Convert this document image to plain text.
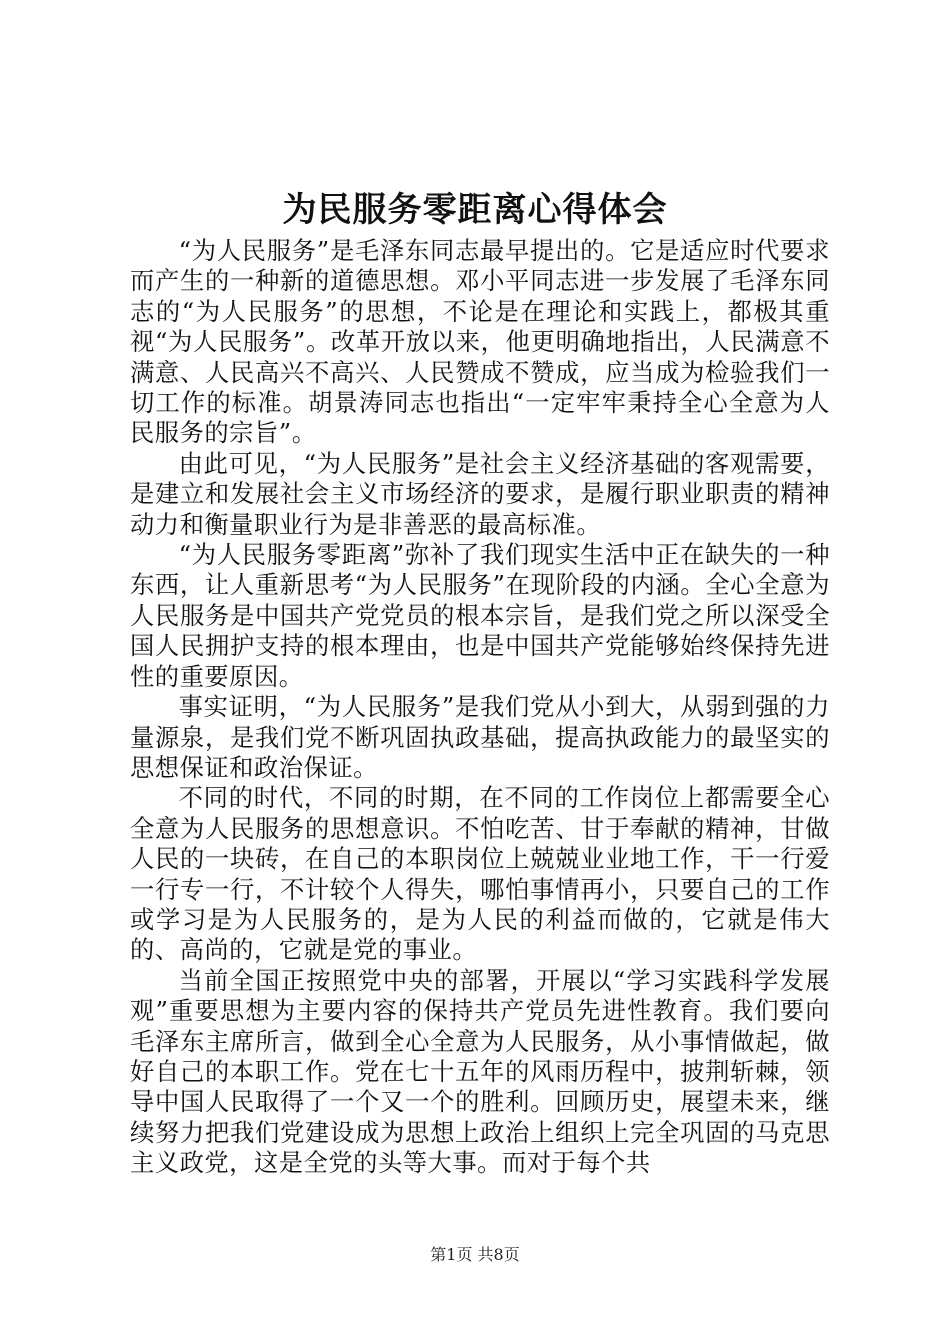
为民服务零距离心得体会

“为人民服务”是毛泽东同志最早提出的。它是适应时代要求而产生的一种新的道德思想。邓小平同志进一步发展了毛泽东同志的“为人民服务”的思想，不论是在理论和实践上，都极其重视“为人民服务”。改革开放以来，他更明确地指出，人民满意不满意、人民高兴不高兴、人民赞成不赞成，应当成为检验我们一切工作的标准。胡景涛同志也指出“一定牢牢秉持全心全意为人民服务的宗旨”。

由此可见，“为人民服务”是社会主义经济基础的客观需要，是建立和发展社会主义市场经济的要求，是履行职业职责的精神动力和衡量职业行为是非善恶的最高标准。

“为人民服务零距离”弥补了我们现实生活中正在缺失的一种东西，让人重新思考“为人民服务”在现阶段的内涵。全心全意为人民服务是中国共产党党员的根本宗旨，是我们党之所以深受全国人民拥护支持的根本理由，也是中国共产党能够始终保持先进性的重要原因。

事实证明，“为人民服务”是我们党从小到大，从弱到强的力量源泉，是我们党不断巩固执政基础，提高执政能力的最坚实的思想保证和政治保证。

不同的时代，不同的时期，在不同的工作岗位上都需要全心全意为人民服务的思想意识。不怕吃苦、甘于奉献的精神，甘做人民的一块砖，在自己的本职岗位上兢兢业业地工作，干一行爱一行专一行，不计较个人得失，哪怕事情再小，只要自己的工作或学习是为人民服务的，是为人民的利益而做的，它就是伟大的、高尚的，它就是党的事业。

当前全国正按照党中央的部署，开展以“学习实践科学发展观”重要思想为主要内容的保持共产党员先进性教育。我们要向毛泽东主席所言，做到全心全意为人民服务，从小事情做起，做好自己的本职工作。党在七十五年的风雨历程中，披荆斩棘，领导中国人民取得了一个又一个的胜利。回顾历史，展望未来，继续努力把我们党建设成为思想上政治上组织上完全巩固的马克思主义政党，这是全党的头等大事。而对于每个共

第1页 共8页
